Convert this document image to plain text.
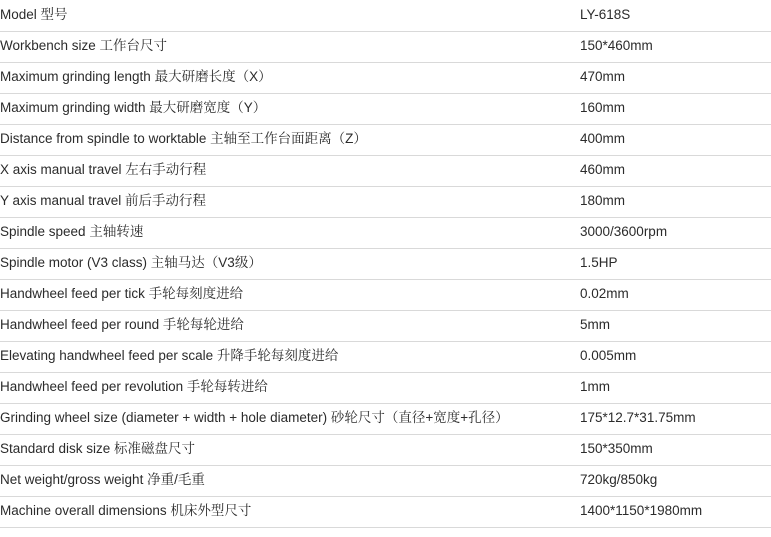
Model 型号	LY-618S
Workbench size 工作台尺寸	150*460mm
Maximum grinding length 最大研磨长度（X）	470mm
Maximum grinding width 最大研磨宽度（Y）	160mm
Distance from spindle to worktable 主轴至工作台面距离（Z）	400mm
X axis manual travel 左右手动行程	460mm
Y axis manual travel 前后手动行程	180mm
Spindle speed 主轴转速	3000/3600rpm
Spindle motor (V3 class) 主轴马达（V3级）	1.5HP
Handwheel feed per tick 手轮每刻度进给	0.02mm
Handwheel feed per round 手轮每轮进给	5mm
Elevating handwheel feed per scale 升降手轮每刻度进给	0.005mm
Handwheel feed per revolution 手轮每转进给	1mm
Grinding wheel size (diameter + width + hole diameter) 砂轮尺寸（直径+宽度+孔径）	175*12.7*31.75mm
Standard disk size 标准磁盘尺寸	150*350mm
Net weight/gross weight 净重/毛重	720kg/850kg
Machine overall dimensions 机床外型尺寸	1400*1150*1980mm
